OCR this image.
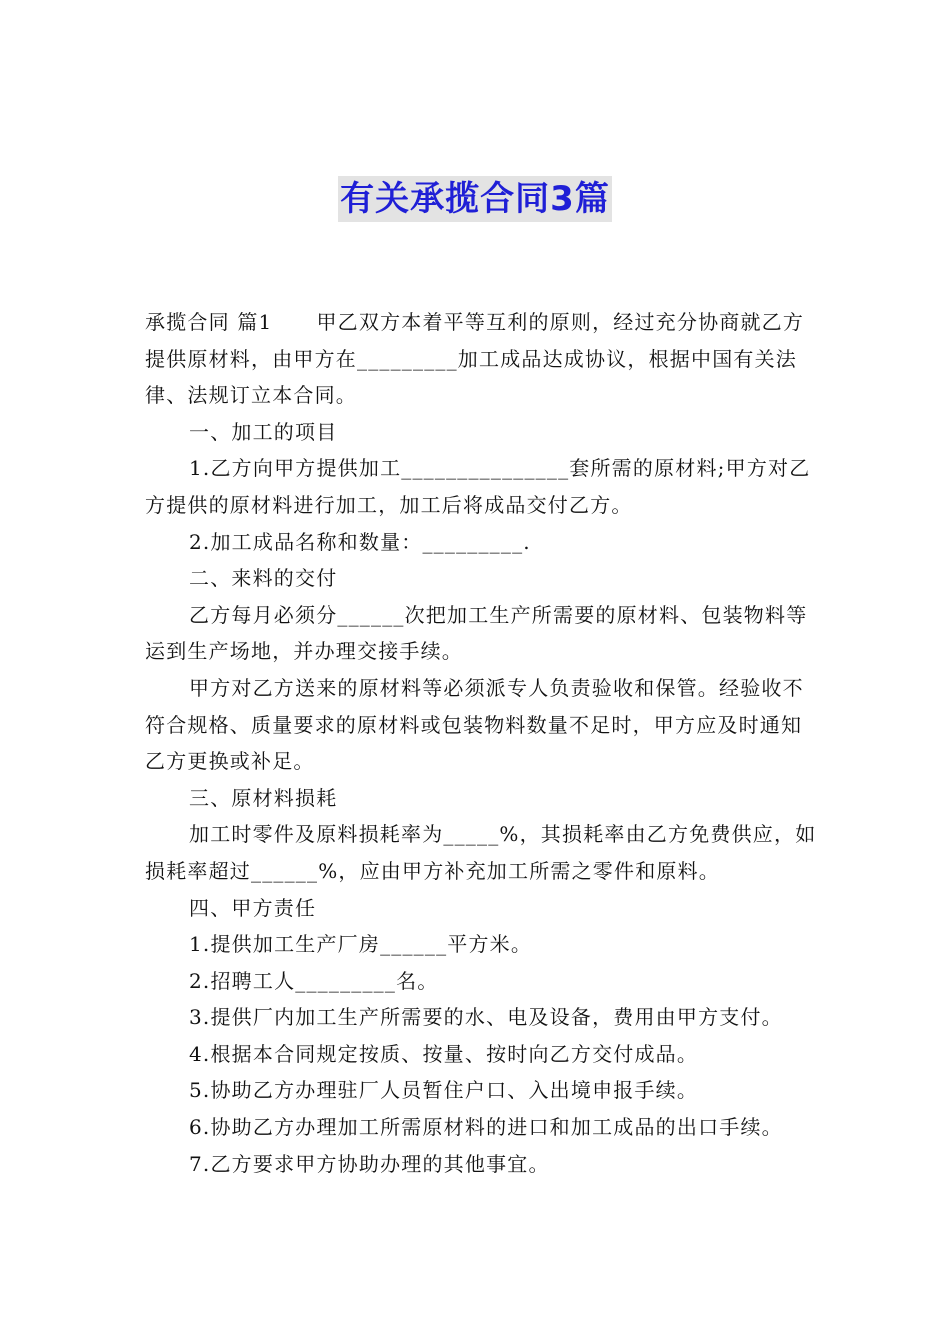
有关承揽合同3篇

承揽合同 篇1 甲乙双方本着平等互利的原则，经过充分协商就乙方提供原材料，由甲方在_________加工成品达成协议，根据中国有关法律、法规订立本合同。

一、加工的项目

1.乙方向甲方提供加工_______________套所需的原材料;甲方对乙方提供的原材料进行加工，加工后将成品交付乙方。

2.加工成品名称和数量：_________.

二、来料的交付

乙方每月必须分______次把加工生产所需要的原材料、包装物料等运到生产场地，并办理交接手续。

甲方对乙方送来的原材料等必须派专人负责验收和保管。经验收不符合规格、质量要求的原材料或包装物料数量不足时，甲方应及时通知乙方更换或补足。

三、原材料损耗

加工时零件及原料损耗率为_____%，其损耗率由乙方免费供应，如损耗率超过______%，应由甲方补充加工所需之零件和原料。

四、甲方责任

1.提供加工生产厂房______平方米。

2.招聘工人_________名。

3.提供厂内加工生产所需要的水、电及设备，费用由甲方支付。

4.根据本合同规定按质、按量、按时向乙方交付成品。

5.协助乙方办理驻厂人员暂住户口、入出境申报手续。

6.协助乙方办理加工所需原材料的进口和加工成品的出口手续。

7.乙方要求甲方协助办理的其他事宜。
